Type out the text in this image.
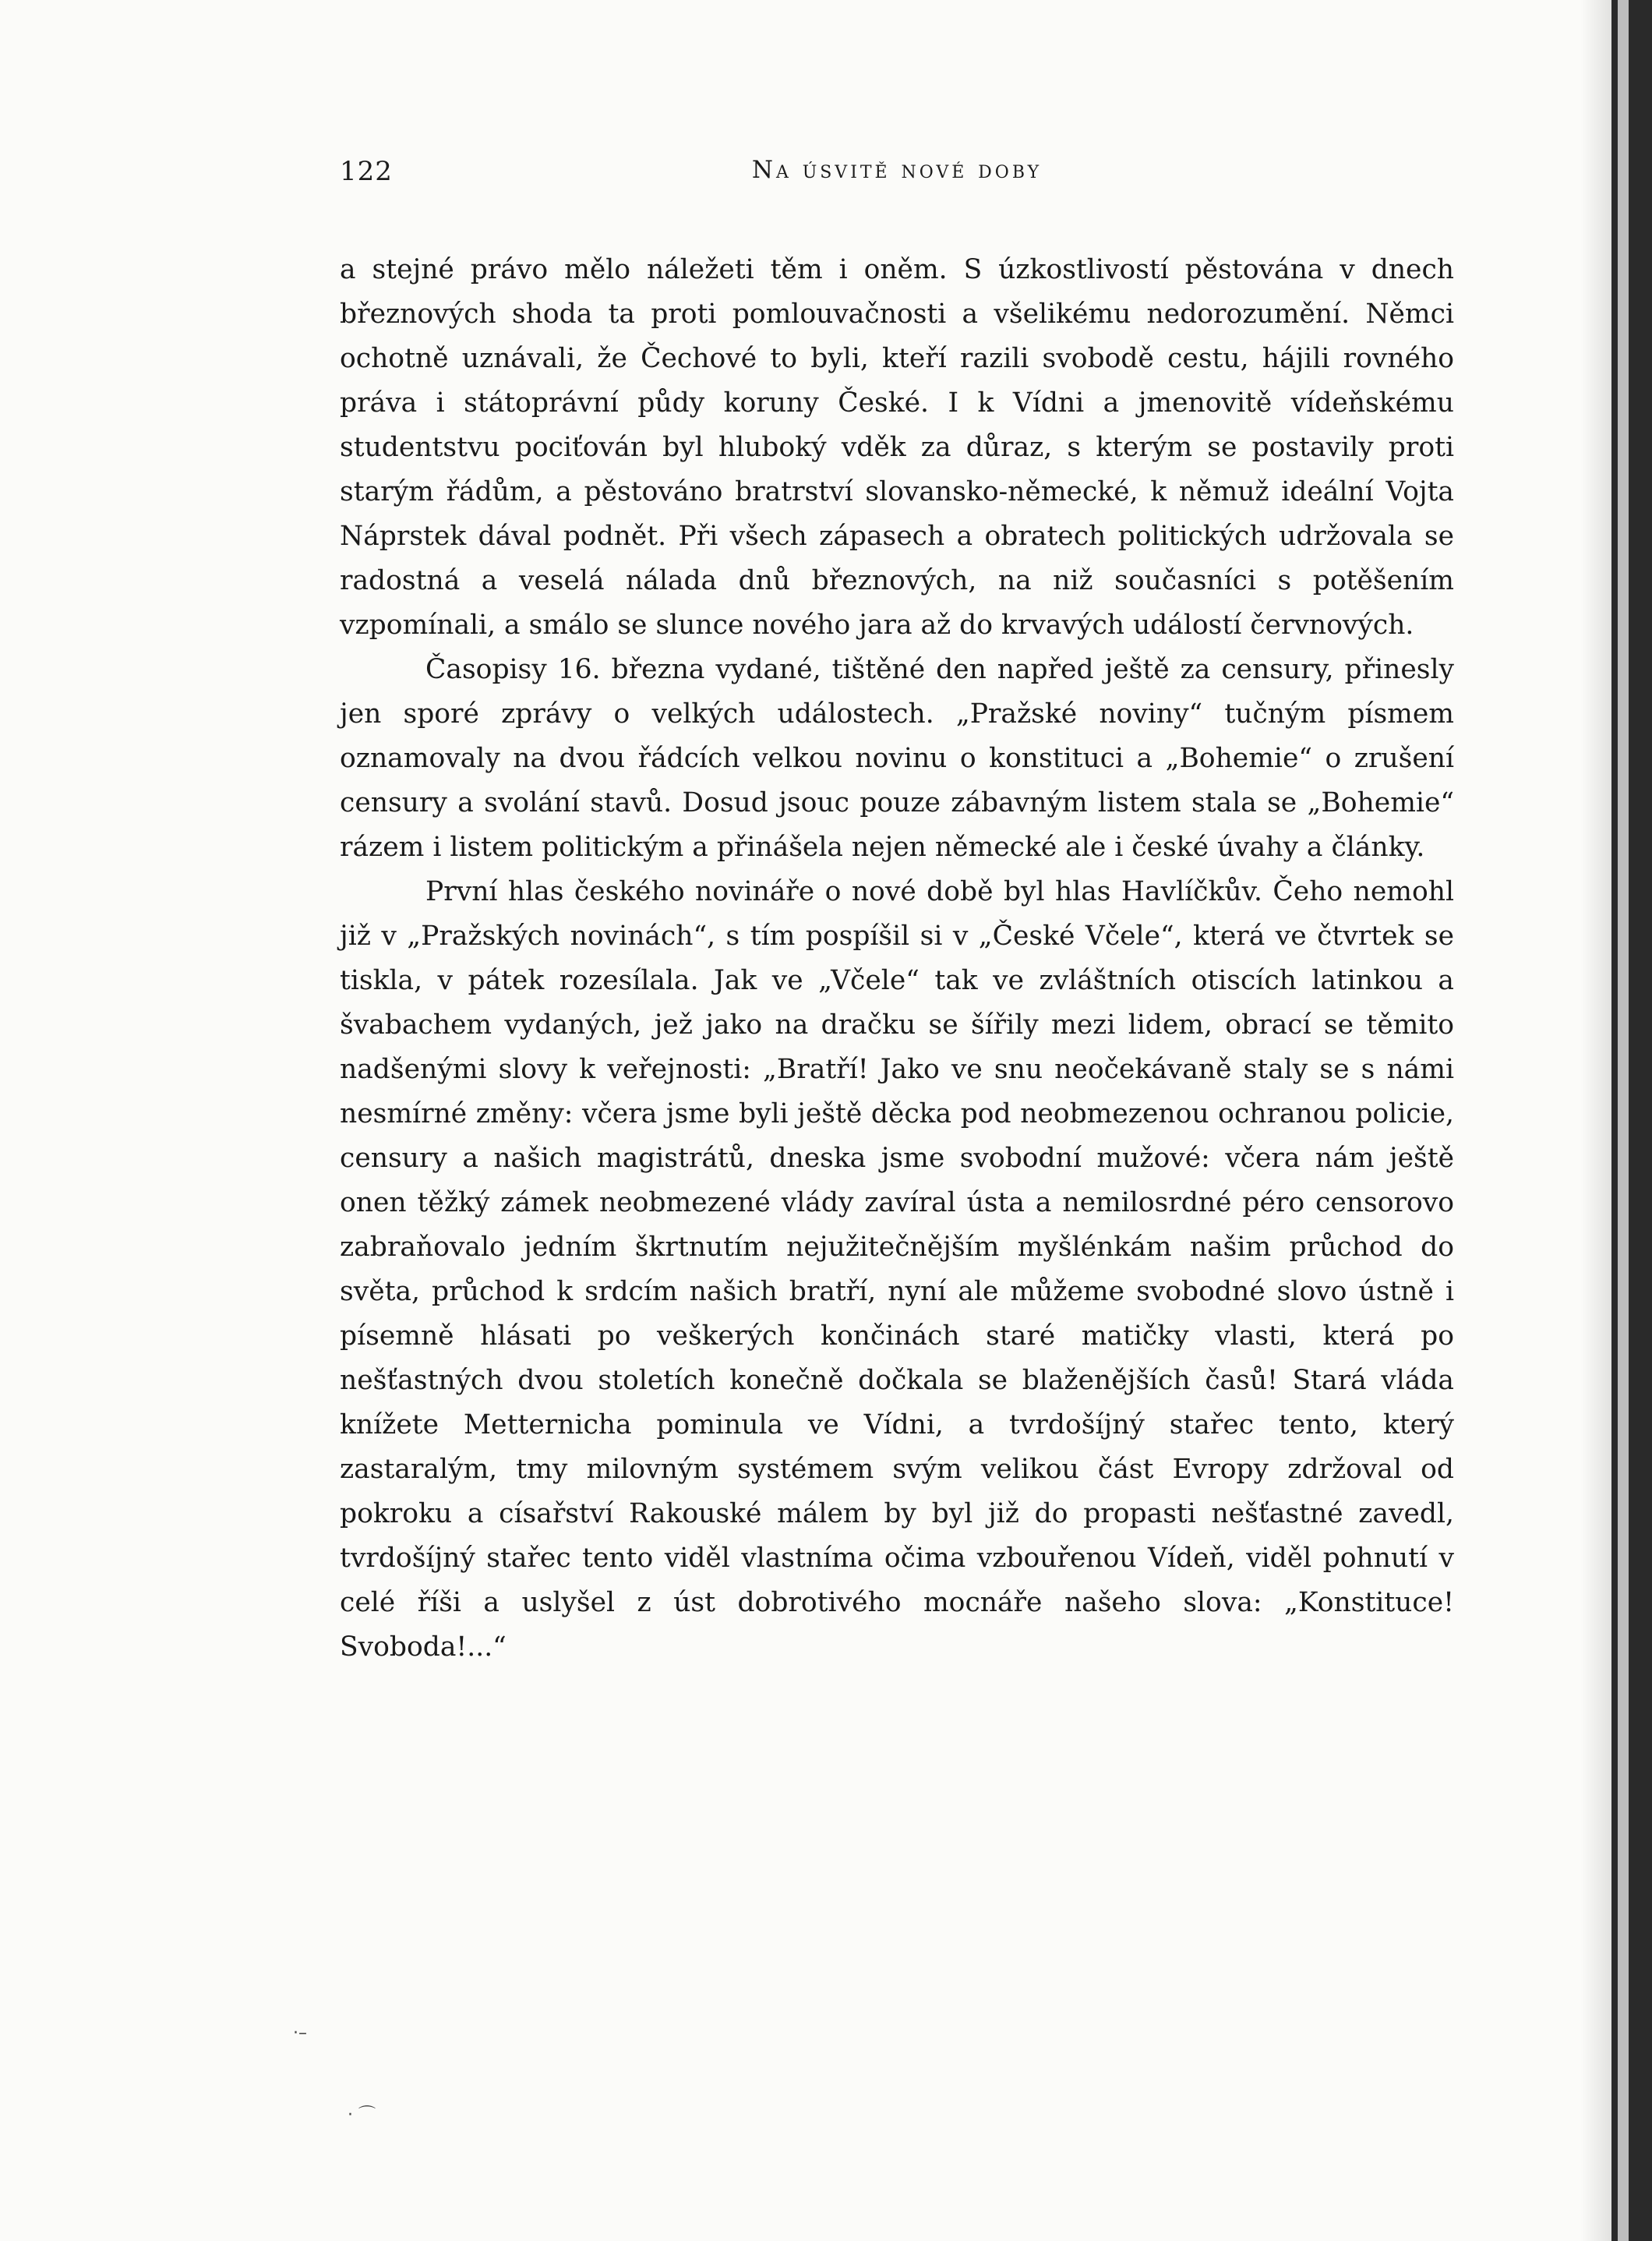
122	Na úsvitě nové doby

a stejné právo mělo náležeti těm i oněm. S úzkostlivostí pěstována v dnech březnových shoda ta proti pomlouvačnosti a všelikému nedorozumění. Němci ochotně uznávali, že Čechové to byli, kteří razili svobodě cestu, hájili rovného práva i státoprávní půdy koruny České. I k Vídni a jmenovitě vídeňskému studentstvu pociťován byl hluboký vděk za důraz, s kterým se postavily proti starým řádům, a pěstováno bratrství slovansko-německé, k němuž ideální Vojta Náprstek dával podnět. Při všech zápasech a obratech politických udržovala se radostná a veselá nálada dnů březnových, na niž současníci s potěšením vzpomínali, a smálo se slunce nového jara až do krvavých událostí červnových.

Časopisy 16. března vydané, tištěné den napřed ještě za censury, přinesly jen sporé zprávy o velkých událostech. „Pražské noviny“ tučným písmem oznamovaly na dvou řádcích velkou novinu o konstituci a „Bohemie“ o zrušení censury a svolání stavů. Dosud jsouc pouze zábavným listem stala se „Bohemie“ rázem i listem politickým a přinášela nejen německé ale i české úvahy a články.

První hlas českého novináře o nové době byl hlas Havlíčkův. Čeho nemohl již v „Pražských novinách“, s tím pospíšil si v „České Včele“, která ve čtvrtek se tiskla, v pátek rozesílala. Jak ve „Včele“ tak ve zvláštních otiscích latinkou a švabachem vydaných, jež jako na dračku se šířily mezi lidem, obrací se těmito nadšenými slovy k veřejnosti: „Bratří! Jako ve snu neočekávaně staly se s námi nesmírné změny: včera jsme byli ještě děcka pod neobmezenou ochranou policie, censury a našich magistrátů, dneska jsme svobodní mužové: včera nám ještě onen těžký zámek neobmezené vlády zavíral ústa a nemilosrdné péro censorovo zabraňovalo jedním škrtnutím nejužitečnějším myšlénkám našim průchod do světa, průchod k srdcím našich bratří, nyní ale můžeme svobodné slovo ústně i písemně hlásati po veškerých končinách staré matičky vlasti, která po nešťastných dvou stoletích konečně dočkala se blaženějších časů! Stará vláda knížete Metternicha pominula ve Vídni, a tvrdošíjný stařec tento, který zastaralým, tmy milovným systémem svým velikou část Evropy zdržoval od pokroku a císařství Rakouské málem by byl již do propasti nešťastné zavedl, tvrdošíjný stařec tento viděl vlastníma očima vzbouřenou Vídeň, viděl pohnutí v celé říši a uslyšel z úst dobrotivého mocnáře našeho slova: „Konstituce! Svoboda!...“

·–
· ⌒
